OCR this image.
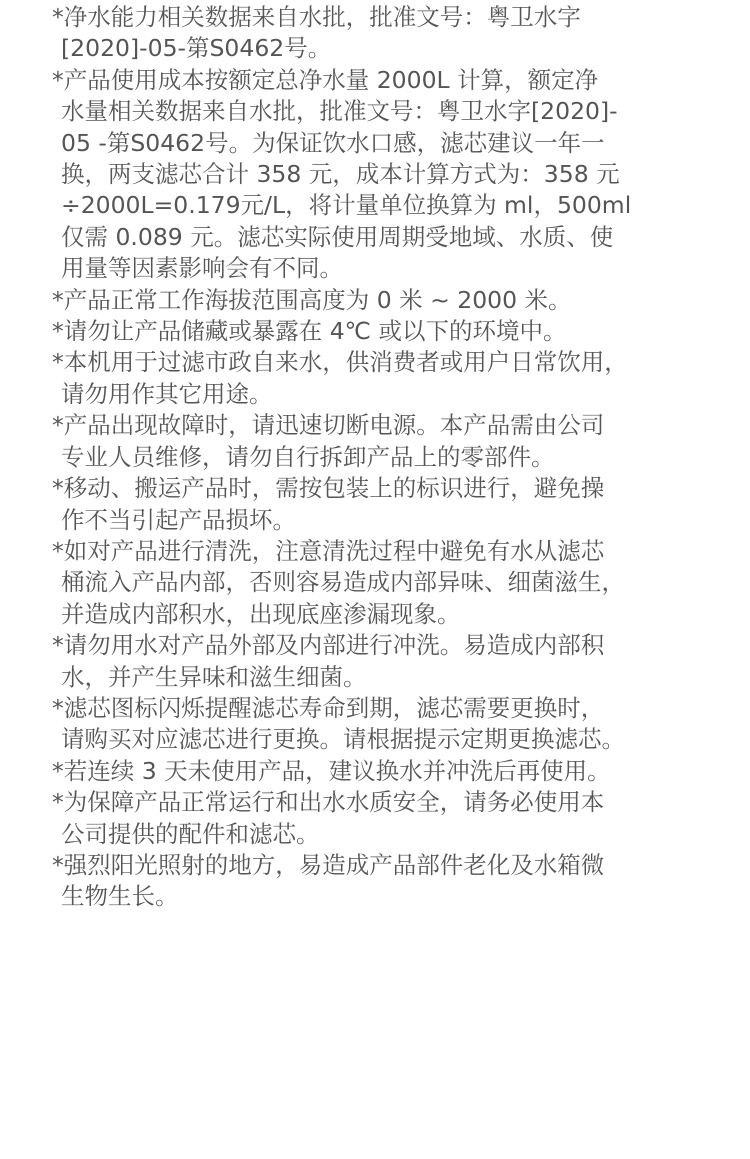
*净水能力相关数据来自水批，批准文号：粤卫水字
[2020]-05-第S0462号。
*产品使用成本按额定总净水量 2000L 计算，额定净
水量相关数据来自水批，批准文号：粤卫水字[2020]-
05 -第S0462号。为保证饮水口感，滤芯建议一年一
换，两支滤芯合计 358 元，成本计算方式为：358 元
÷2000L=0.179元/L，将计量单位换算为 ml，500ml
仅需 0.089 元。滤芯实际使用周期受地域、水质、使
用量等因素影响会有不同。
*产品正常工作海拔范围高度为 0 米 ~ 2000 米。
*请勿让产品储藏或暴露在 4℃ 或以下的环境中。
*本机用于过滤市政自来水，供消费者或用户日常饮用，
请勿用作其它用途。
*产品出现故障时，请迅速切断电源。本产品需由公司
专业人员维修，请勿自行拆卸产品上的零部件。
*移动、搬运产品时，需按包装上的标识进行，避免操
作不当引起产品损坏。
*如对产品进行清洗，注意清洗过程中避免有水从滤芯
桶流入产品内部，否则容易造成内部异味、细菌滋生，
并造成内部积水，出现底座渗漏现象。
*请勿用水对产品外部及内部进行冲洗。易造成内部积
水，并产生异味和滋生细菌。
*滤芯图标闪烁提醒滤芯寿命到期，滤芯需要更换时，
请购买对应滤芯进行更换。请根据提示定期更换滤芯。
*若连续 3 天未使用产品，建议换水并冲洗后再使用。
*为保障产品正常运行和出水水质安全，请务必使用本
公司提供的配件和滤芯。
*强烈阳光照射的地方，易造成产品部件老化及水箱微
生物生长。
